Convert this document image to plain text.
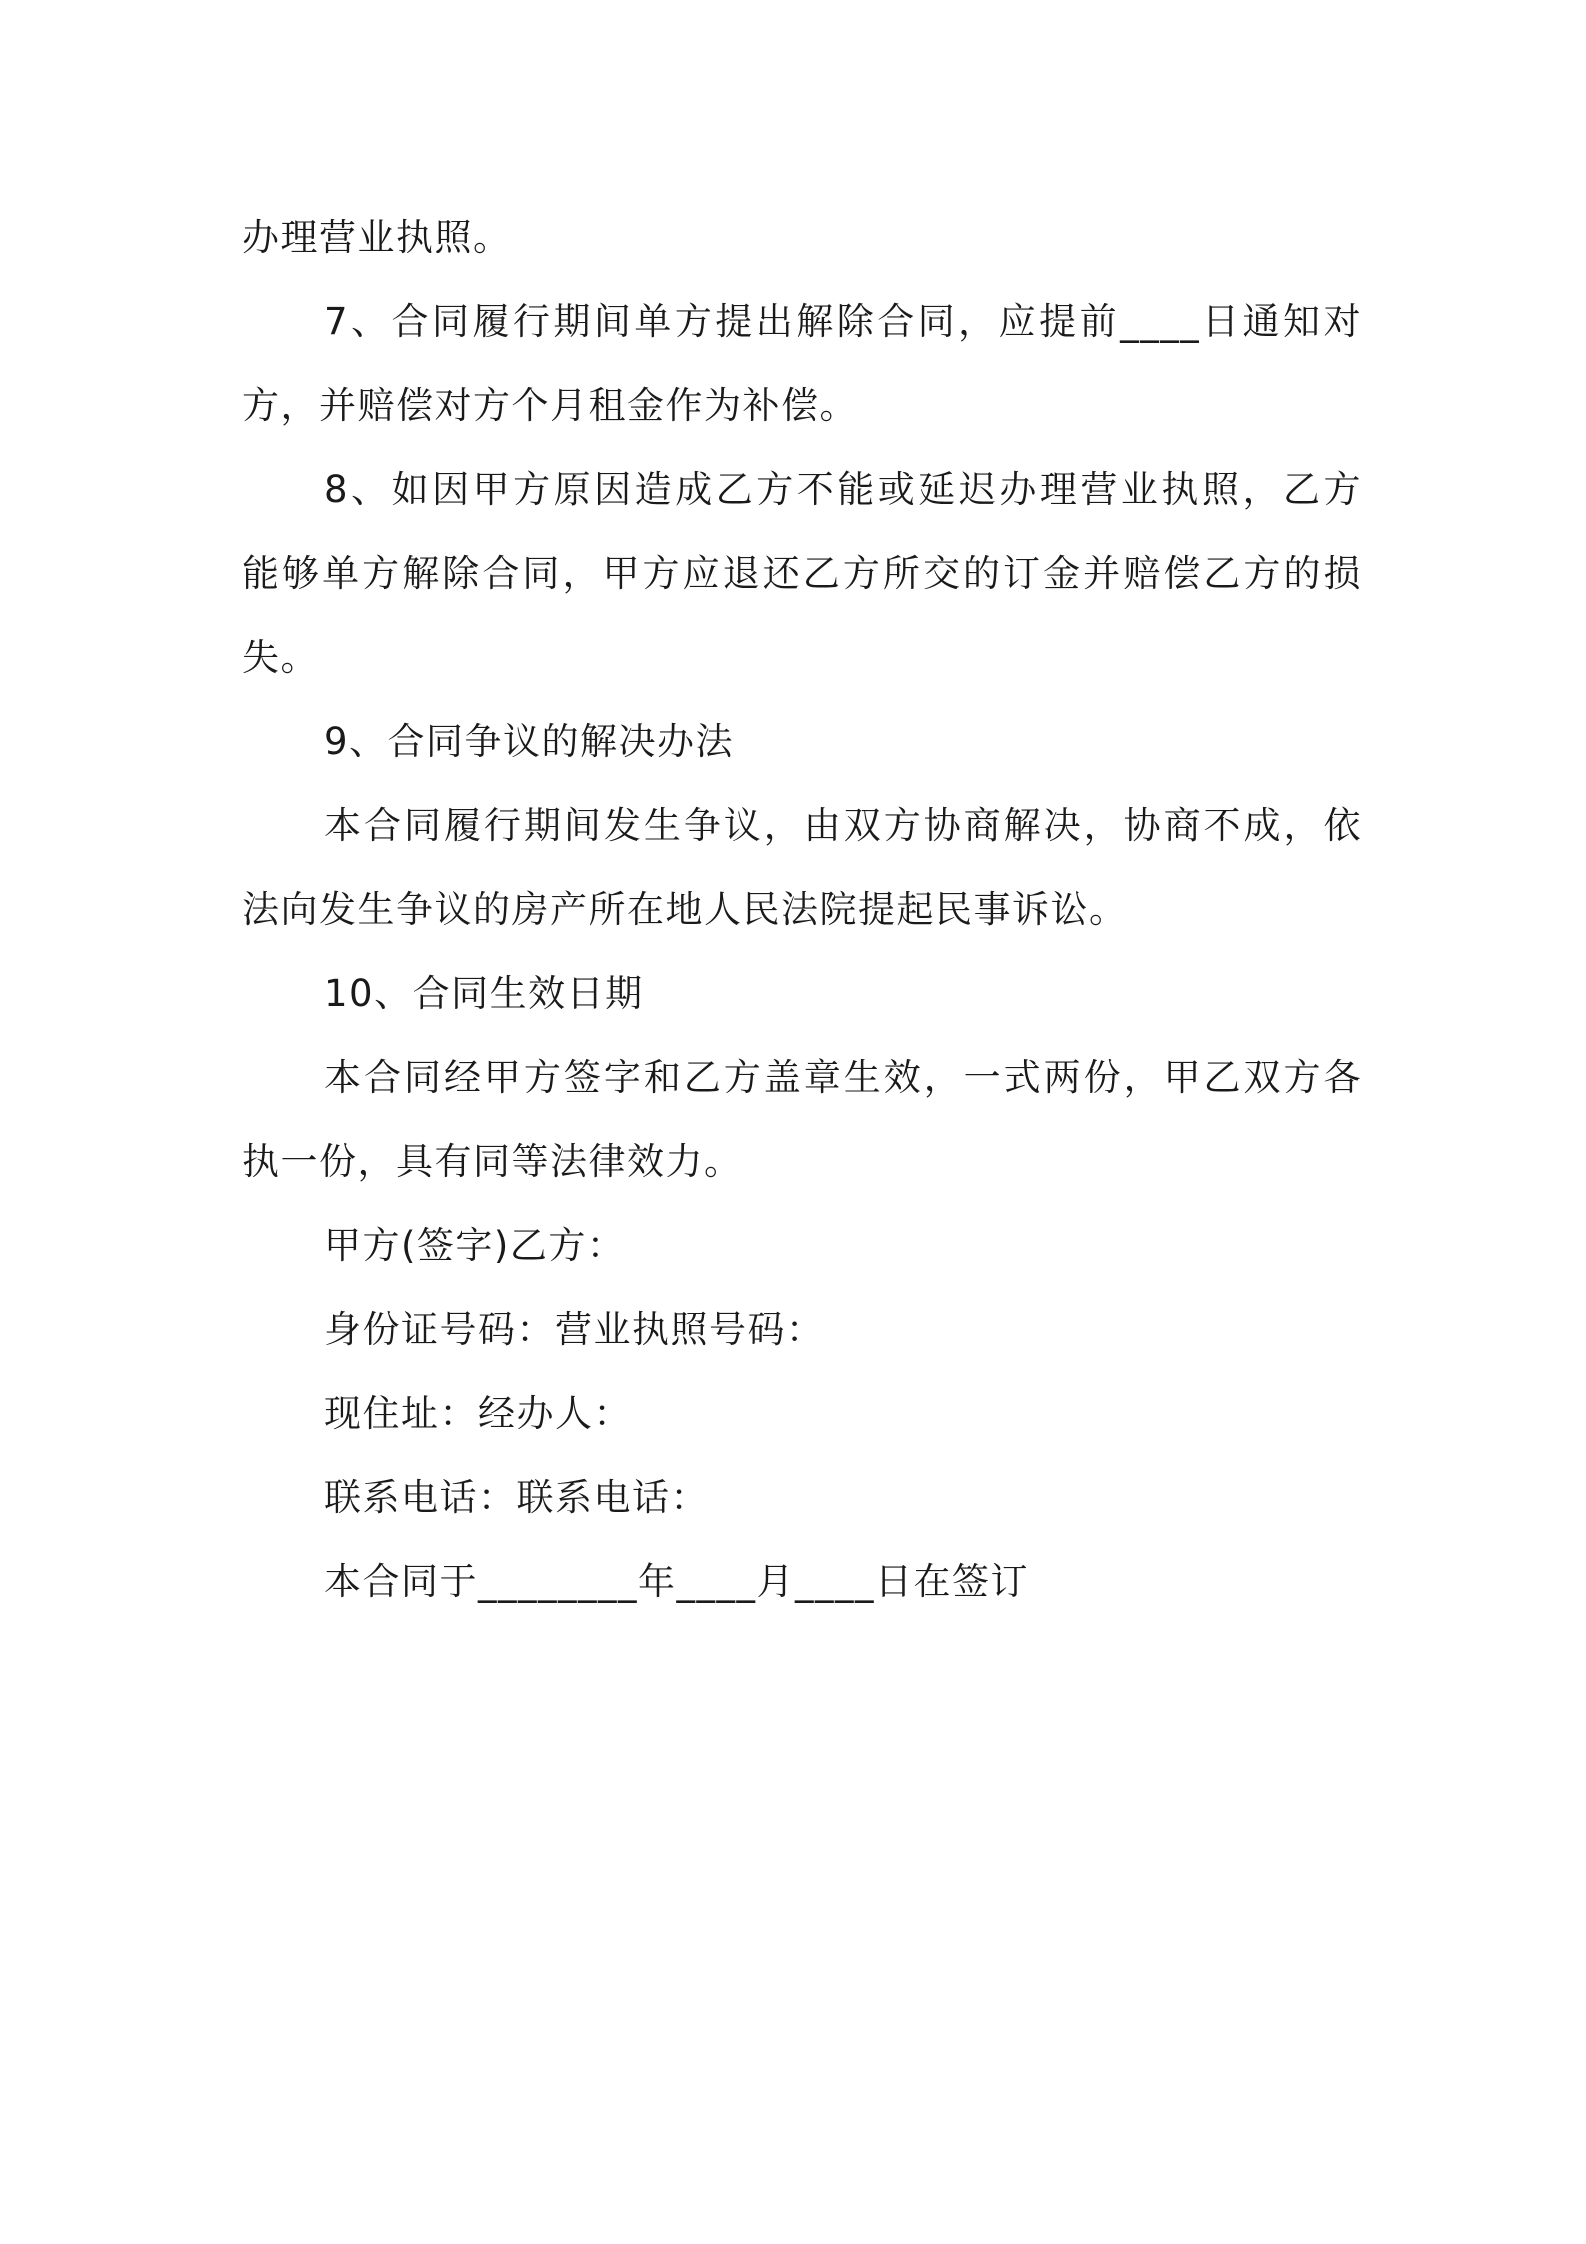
办理营业执照。
7、合同履行期间单方提出解除合同，应提前____日通知对
方，并赔偿对方个月租金作为补偿。
8、如因甲方原因造成乙方不能或延迟办理营业执照，乙方
能够单方解除合同，甲方应退还乙方所交的订金并赔偿乙方的损
失。
9、合同争议的解决办法
本合同履行期间发生争议，由双方协商解决，协商不成，依
法向发生争议的房产所在地人民法院提起民事诉讼。
10、合同生效日期
本合同经甲方签字和乙方盖章生效，一式两份，甲乙双方各
执一份，具有同等法律效力。
甲方(签字)乙方：
身份证号码：营业执照号码：
现住址：经办人：
联系电话：联系电话：
本合同于________年____月____日在签订
